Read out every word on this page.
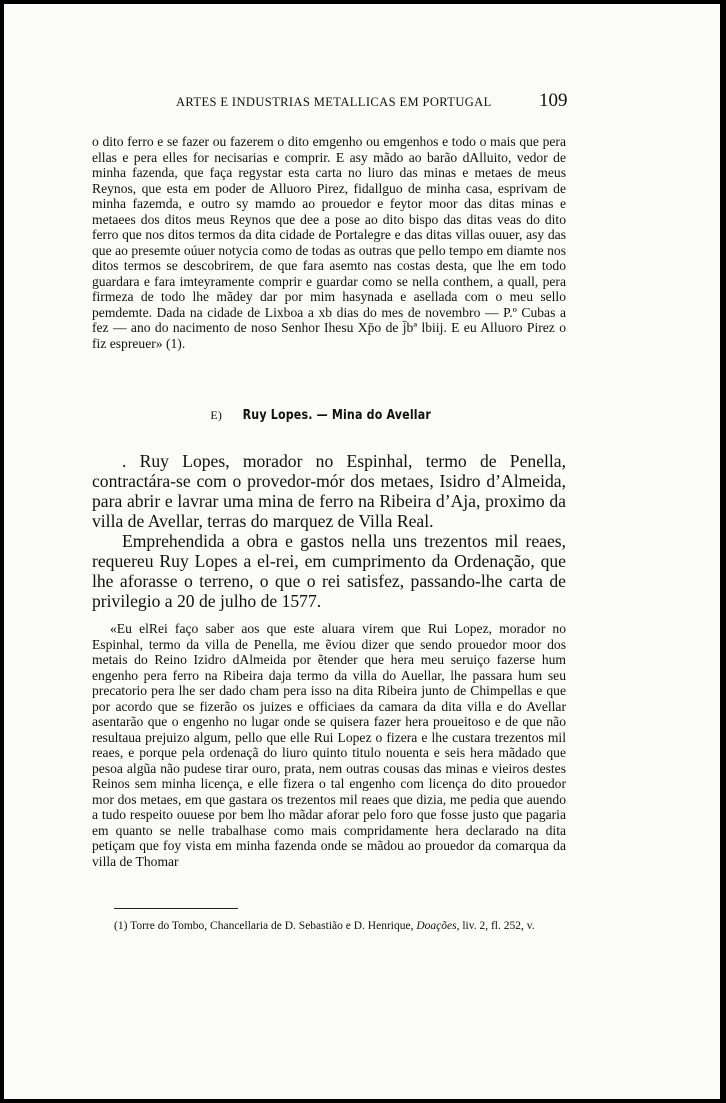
ARTES E INDUSTRIAS METALLICAS EM PORTUGAL 109

o dito ferro e se fazer ou fazerem o dito emgenho ou emgenhos e todo o mais que pera ellas e pera elles for necisarias e comprir. E asy mãdo ao barão dAlluito, vedor de minha fazenda, que faça regystar esta carta no liuro das minas e metaes de meus Reynos, que esta em poder de Alluoro Pirez, fidallguo de minha casa, esprivam de minha fazemda, e outro sy mamdo ao prouedor e feytor moor das ditas minas e metaees dos ditos meus Reynos que dee a pose ao dito bispo das ditas veas do dito ferro que nos ditos termos da dita cidade de Portalegre e das ditas villas ouuer, asy das que ao presemte oúuer notycia como de todas as outras que pello tempo em diamte nos ditos termos se descobrirem, de que fara asemto nas costas desta, que lhe em todo guardara e fara imteyramente comprir e guardar como se nella conthem, a quall, pera firmeza de todo lhe mãdey dar por mim hasynada e asellada com o meu sello pemdemte. Dada na cidade de Lixboa a xb dias do mes de novembro — P.º Cubas a fez — ano do nacimento de noso Senhor Ihesu Xp̄o de j̄bª lbiij. E eu Alluoro Pirez o fiz espreuer» (1).

E) Ruy Lopes. — Mina do Avellar

. Ruy Lopes, morador no Espinhal, termo de Penella, contractára-se com o provedor-mór dos metaes, Isidro d’Almeida, para abrir e lavrar uma mina de ferro na Ribeira d’Aja, proximo da villa de Avellar, terras do marquez de Villa Real.

Emprehendida a obra e gastos nella uns trezentos mil reaes, requereu Ruy Lopes a el-rei, em cumprimento da Ordenação, que lhe aforasse o terreno, o que o rei satisfez, passando-lhe carta de privilegio a 20 de julho de 1577.

«Eu elRei faço saber aos que este aluara virem que Rui Lopez, morador no Espinhal, termo da villa de Penella, me ẽviou dizer que sendo prouedor moor dos metais do Reino Izidro dAlmeida por ẽtender que hera meu seruiço fazerse hum engenho pera ferro na Ribeira daja termo da villa do Auellar, lhe passara hum seu precatorio pera lhe ser dado cham pera isso na dita Ribeira junto de Chimpellas e que por acordo que se fizerão os juizes e officiaes da camara da dita villa e do Avellar asentarão que o engenho no lugar onde se quisera fazer hera proueitoso e de que não resultaua prejuizo algum, pello que elle Rui Lopez o fizera e lhe custara trezentos mil reaes, e porque pela ordenaçã do liuro quinto titulo nouenta e seis hera mãdado que pesoa algũa não pudese tirar ouro, prata, nem outras cousas das minas e vieiros destes Reinos sem minha licença, e elle fizera o tal engenho com licença do dito prouedor mor dos metaes, em que gastara os trezentos mil reaes que dizia, me pedia que auendo a tudo respeito ouuese por bem lho mãdar aforar pelo foro que fosse justo que pagaria em quanto se nelle trabalhase como mais compridamente hera declarado na dita petiçam que foy vista em minha fazenda onde se mãdou ao prouedor da comarqua da villa de Thomar

(1) Torre do Tombo, Chancellaria de D. Sebastião e D. Henrique, Doações, liv. 2, fl. 252, v.
